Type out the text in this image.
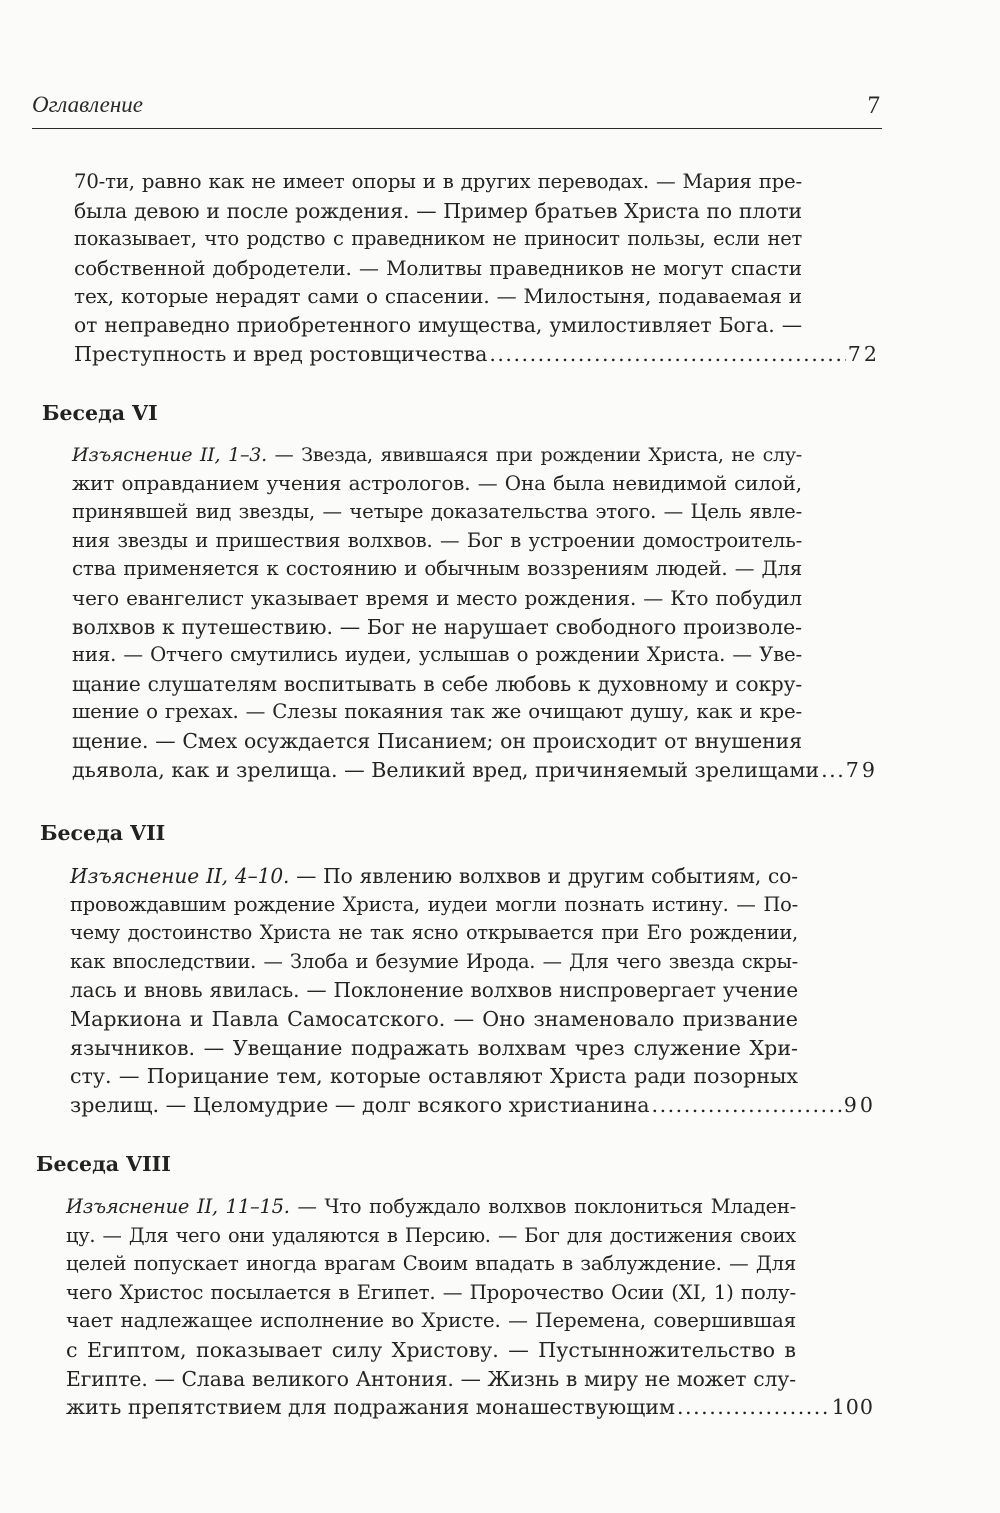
Оглавление	7
70-ти, равно как не имеет опоры и в других переводах. — Мария пре-
была девою и после рождения. — Пример братьев Христа по плоти
показывает, что родство с праведником не приносит пользы, если нет
собственной добродетели. — Молитвы праведников не могут спасти
тех, которые нерадят сами о спасении. — Милостыня, подаваемая и
от неправедно приобретенного имущества, умилостивляет Бога. —
Преступность и вред ростовщичества .....	72
Беседа VI
Изъяснение II, 1–3. — Звезда, явившаяся при рождении Христа, не слу-
жит оправданием учения астрологов. — Она была невидимой силой,
принявшей вид звезды, — четыре доказательства этого. — Цель явле-
ния звезды и пришествия волхвов. — Бог в устроении домостроитель-
ства применяется к состоянию и обычным воззрениям людей. — Для
чего евангелист указывает время и место рождения. — Кто побудил
волхвов к путешествию. — Бог не нарушает свободного произволе-
ния. — Отчего смутились иудеи, услышав о рождении Христа. — Уве-
щание слушателям воспитывать в себе любовь к духовному и сокру-
шение о грехах. — Слезы покаяния так же очищают душу, как и кре-
щение. — Смех осуждается Писанием; он происходит от внушения
дьявола, как и зрелища. — Великий вред, причиняемый зрелищами ..... 79
Беседа VII
Изъяснение II, 4–10. — По явлению волхвов и другим событиям, со-
провождавшим рождение Христа, иудеи могли познать истину. — По-
чему достоинство Христа не так ясно открывается при Его рождении,
как впоследствии. — Злоба и безумие Ирода. — Для чего звезда скры-
лась и вновь явилась. — Поклонение волхвов ниспровергает учение
Маркиона и Павла Самосатского. — Оно знаменовало призвание
язычников. — Увещание подражать волхвам чрез служение Хри-
сту. — Порицание тем, которые оставляют Христа ради позорных
зрелищ. — Целомудрие — долг всякого христианина .....	90
Беседа VIII
Изъяснение II, 11–15. — Что побуждало волхвов поклониться Младен-
цу. — Для чего они удаляются в Персию. — Бог для достижения своих
целей попускает иногда врагам Своим впадать в заблуждение. — Для
чего Христос посылается в Египет. — Пророчество Осии (XI, 1) полу-
чает надлежащее исполнение во Христе. — Перемена, совершившая
с Египтом, показывает силу Христову. — Пустынножительство в
Египте. — Слава великого Антония. — Жизнь в миру не может слу-
жить препятствием для подражания монашествующим .....	100
